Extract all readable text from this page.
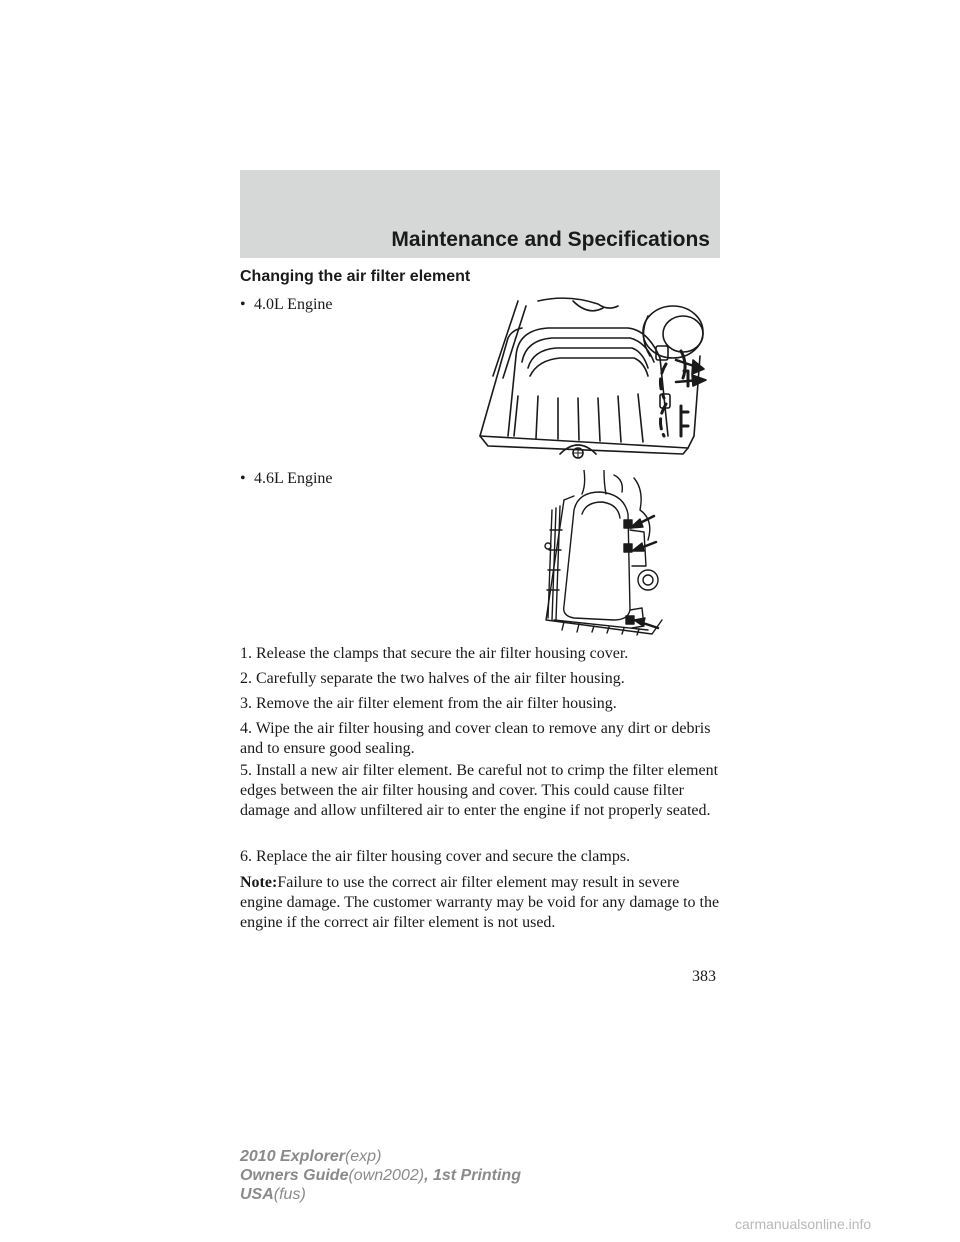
Maintenance and Specifications
Changing the air filter element
• 4.0L Engine
• 4.6L Engine
1. Release the clamps that secure the air filter housing cover.
2. Carefully separate the two halves of the air filter housing.
3. Remove the air filter element from the air filter housing.
4. Wipe the air filter housing and cover clean to remove any dirt or debris and to ensure good sealing.
5. Install a new air filter element. Be careful not to crimp the filter element edges between the air filter housing and cover. This could cause filter damage and allow unfiltered air to enter the engine if not properly seated.
6. Replace the air filter housing cover and secure the clamps.
Note:Failure to use the correct air filter element may result in severe engine damage. The customer warranty may be void for any damage to the engine if the correct air filter element is not used.
383
2010 Explorer(exp)
Owners Guide(own2002), 1st Printing
USA(fus)
carmanualsonline.info
